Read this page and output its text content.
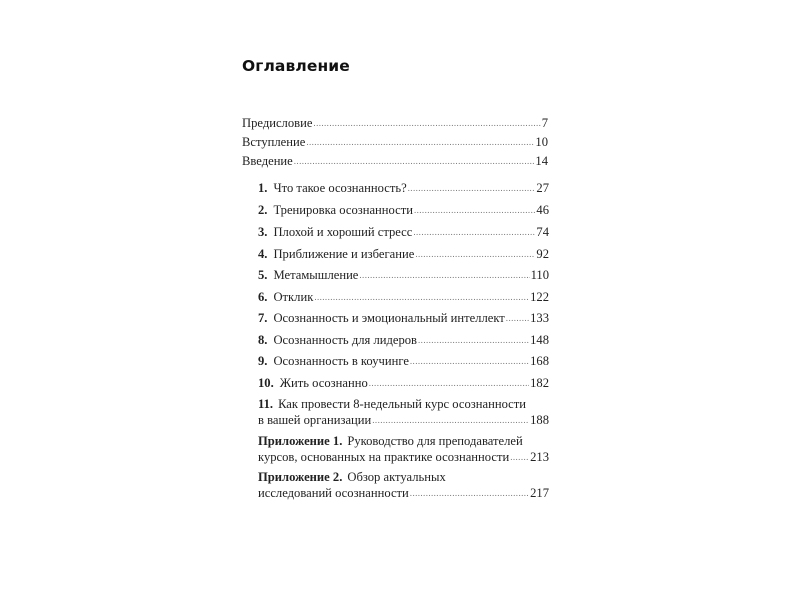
Оглавление
Предисловие .....	7
Вступление .....	10
Введение .....	14
1. Что такое осознанность? .....	27
2. Тренировка осознанности .....	46
3. Плохой и хороший стресс .....	74
4. Приближение и избегание .....	92
5. Метамышление .....	110
6. Отклик .....	122
7. Осознанность и эмоциональный интеллект ..... 133
8. Осознанность для лидеров .....	148
9. Осознанность в коучинге .....	168
10. Жить осознанно .....	182
11. Как провести 8-недельный курс осознанности
в вашей организации .....	188
Приложение 1. Руководство для преподавателей
курсов, основанных на практике осознанности ..... 213
Приложение 2. Обзор актуальных
исследований осознанности .....	217
